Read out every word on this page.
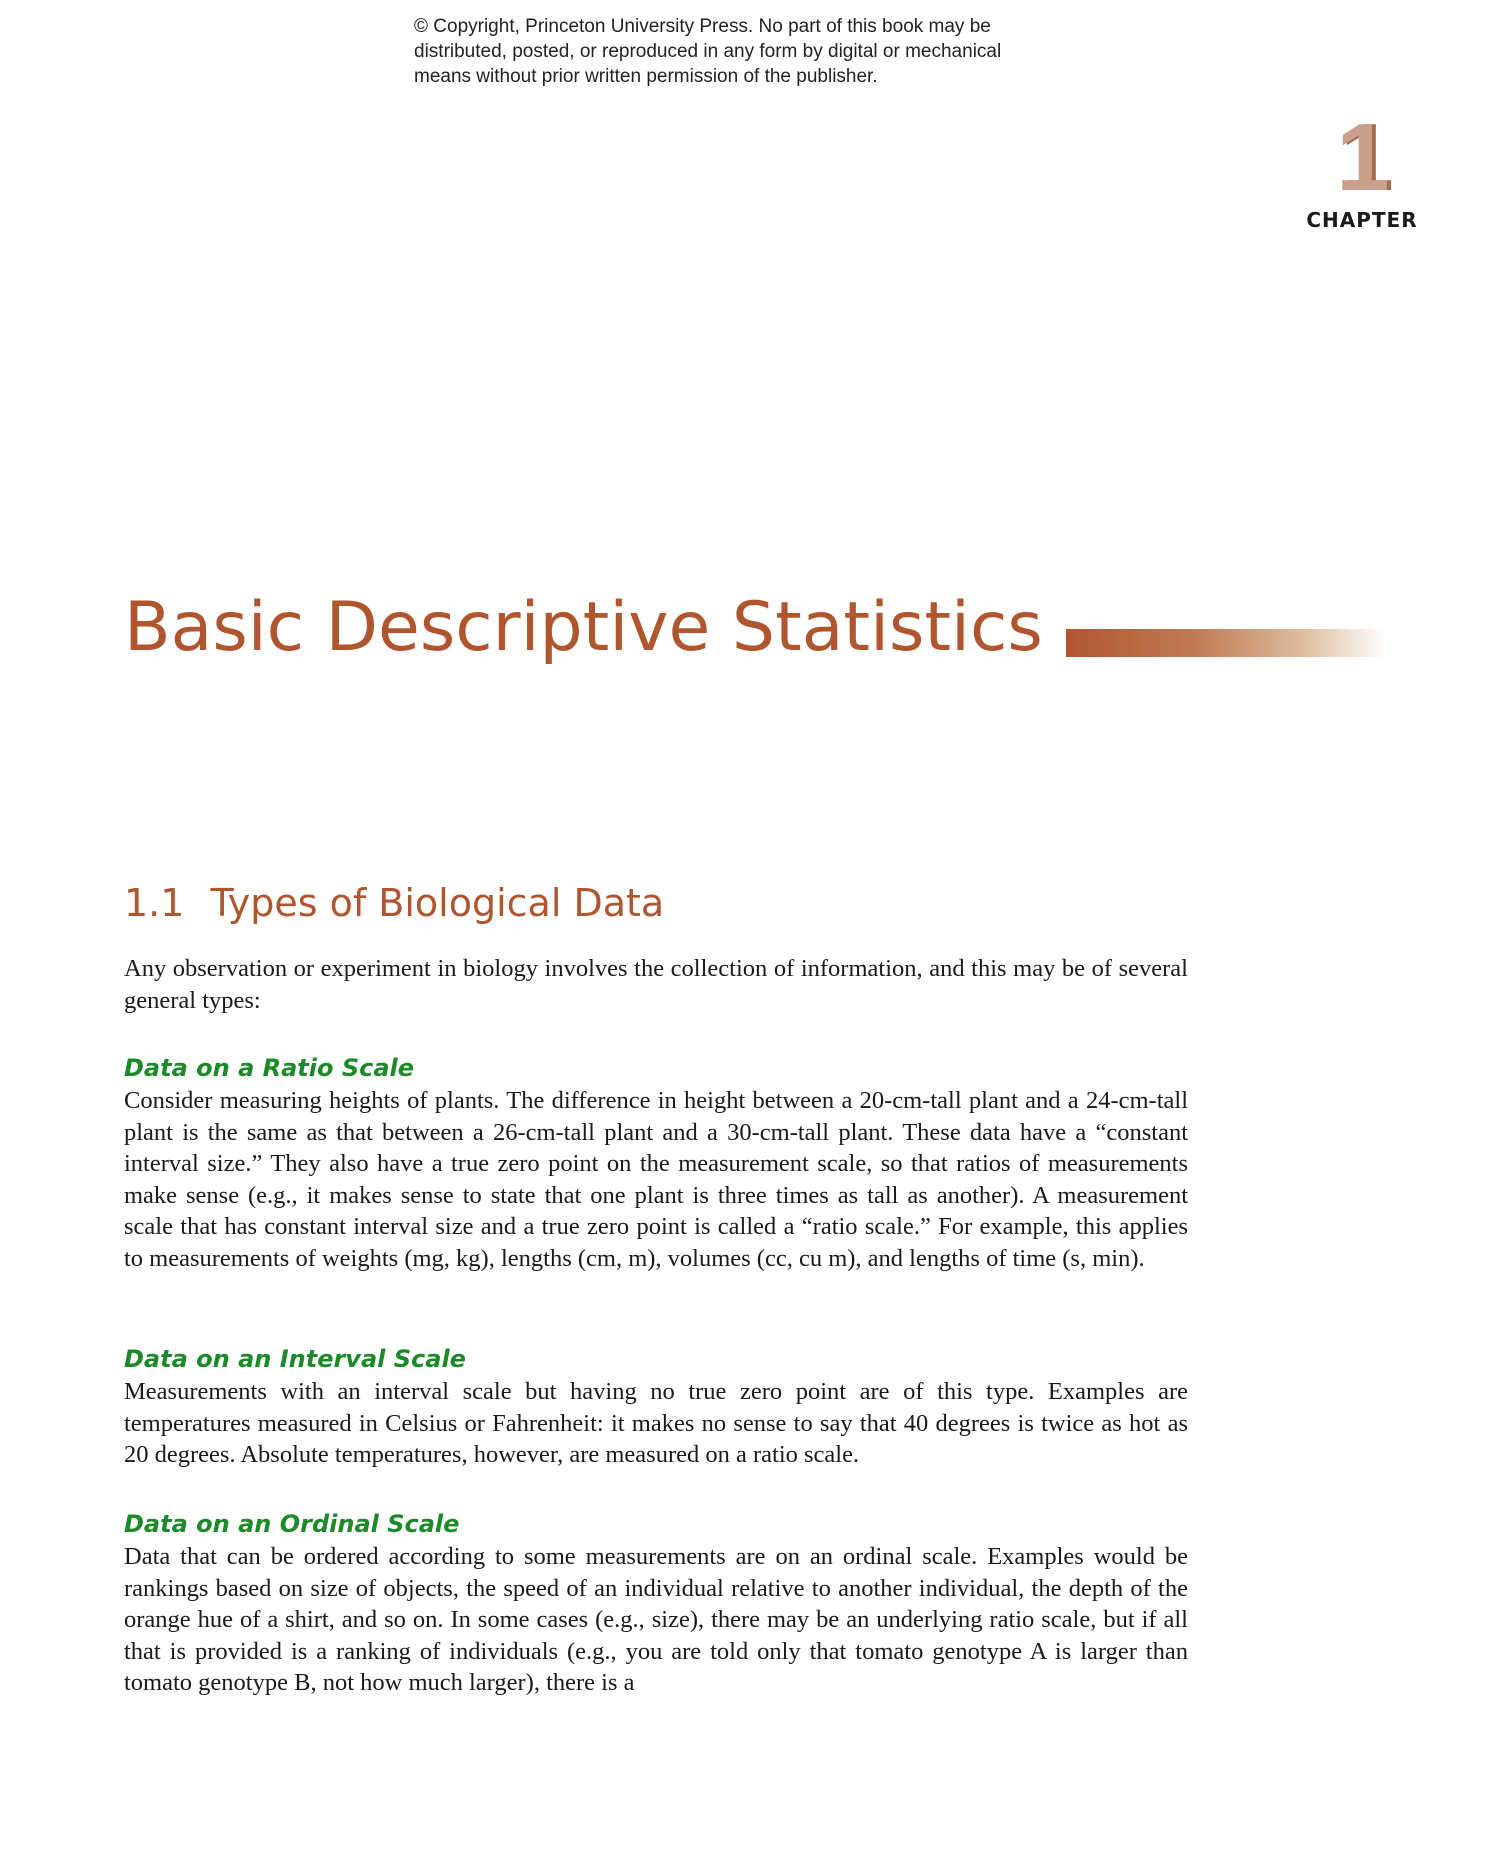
© Copyright, Princeton University Press. No part of this book may be
distributed, posted, or reproduced in any form by digital or mechanical
means without prior written permission of the publisher.
1
CHAPTER
Basic Descriptive Statistics
1.1 Types of Biological Data
Any observation or experiment in biology involves the collection of information, and this may be of several general types:
Data on a Ratio Scale
Consider measuring heights of plants. The difference in height between a 20-cm-tall plant and a 24-cm-tall plant is the same as that between a 26-cm-tall plant and a 30-cm-tall plant. These data have a “constant interval size.” They also have a true zero point on the measurement scale, so that ratios of measurements make sense (e.g., it makes sense to state that one plant is three times as tall as another). A measurement scale that has constant interval size and a true zero point is called a “ratio scale.” For example, this applies to measurements of weights (mg, kg), lengths (cm, m), volumes (cc, cu m), and lengths of time (s, min).
Data on an Interval Scale
Measurements with an interval scale but having no true zero point are of this type. Examples are temperatures measured in Celsius or Fahrenheit: it makes no sense to say that 40 degrees is twice as hot as 20 degrees. Absolute temperatures, however, are measured on a ratio scale.
Data on an Ordinal Scale
Data that can be ordered according to some measurements are on an ordinal scale. Examples would be rankings based on size of objects, the speed of an individual relative to another individual, the depth of the orange hue of a shirt, and so on. In some cases (e.g., size), there may be an underlying ratio scale, but if all that is provided is a ranking of individuals (e.g., you are told only that tomato genotype A is larger than tomato genotype B, not how much larger), there is a
